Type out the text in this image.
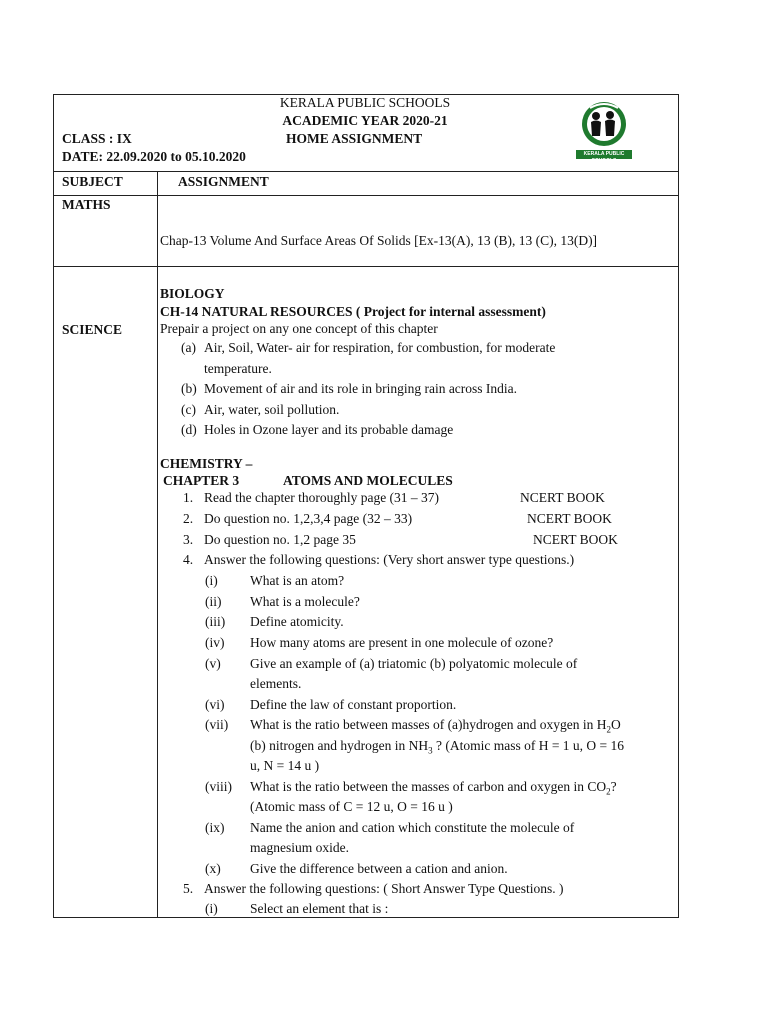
KERALA PUBLIC SCHOOLS
ACADEMIC YEAR 2020-21
CLASS : IX	HOME ASSIGNMENT
DATE: 22.09.2020 to 05.10.2020	KERALA PUBLIC SCHOOLS
SUBJECT	ASSIGNMENT
MATHS
Chap-13 Volume And Surface Areas Of Solids [Ex-13(A), 13 (B), 13 (C), 13(D)]
SCIENCE
BIOLOGY
CH-14 NATURAL RESOURCES ( Project for internal assessment)
Prepair a project on any one concept of this chapter
(a) Air, Soil, Water- air for respiration, for combustion, for moderate
temperature.
(b) Movement of air and its role in bringing rain across India.
(c) Air, water, soil pollution.
(d) Holes in Ozone layer and its probable damage
CHEMISTRY –
CHAPTER 3	ATOMS AND MOLECULES
1. Read the chapter thoroughly page (31 – 37)	NCERT BOOK
2. Do question no. 1,2,3,4 page (32 – 33)	NCERT BOOK
3. Do question no. 1,2 page 35	NCERT BOOK
4. Answer the following questions: (Very short answer type questions.)
(i) What is an atom?
(ii) What is a molecule?
(iii) Define atomicity.
(iv) How many atoms are present in one molecule of ozone?
(v) Give an example of (a) triatomic (b) polyatomic molecule of
elements.
(vi) Define the law of constant proportion.
(vii) What is the ratio between masses of (a)hydrogen and oxygen in $H_2O$
(b) nitrogen and hydrogen in $NH_3$ ? (Atomic mass of H = 1 u, O = 16
u, N = 14 u )
(viii) What is the ratio between the masses of carbon and oxygen in $CO_2$?
(Atomic mass of C = 12 u, O = 16 u )
(ix) Name the anion and cation which constitute the molecule of
magnesium oxide.
(x) Give the difference between a cation and anion.
5. Answer the following questions: ( Short Answer Type Questions. )
(i) Select an element that is :
